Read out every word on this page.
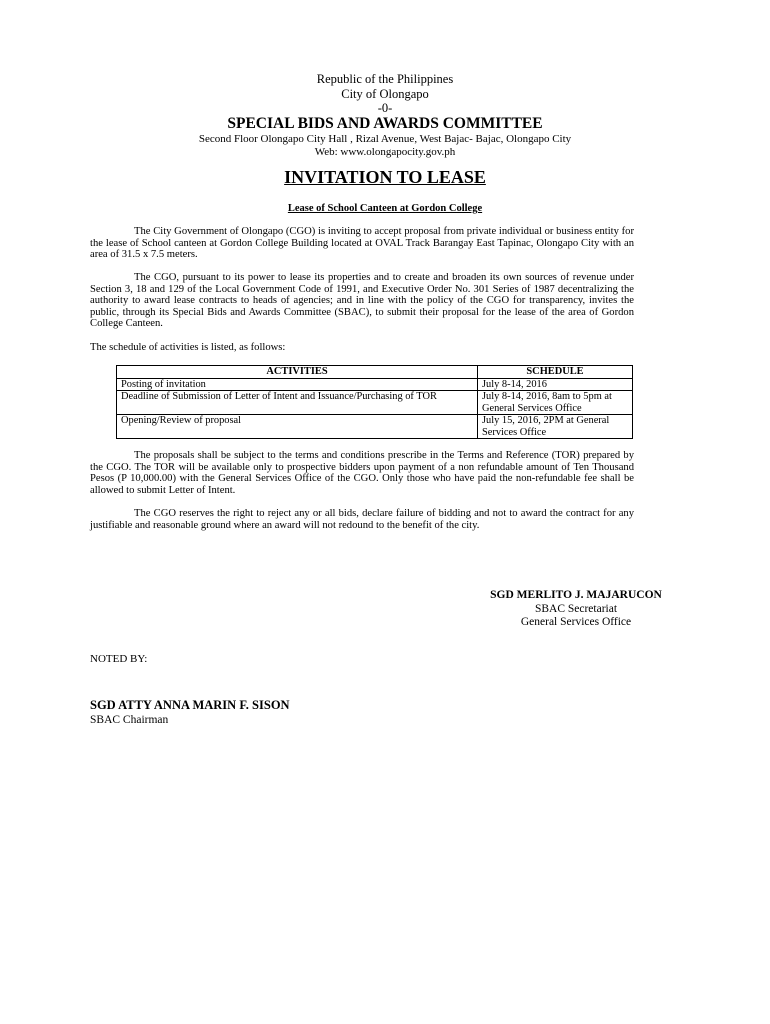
Republic of the Philippines
City of Olongapo
-0-
SPECIAL BIDS AND AWARDS COMMITTEE
Second Floor Olongapo City Hall , Rizal Avenue, West Bajac- Bajac, Olongapo City
Web: www.olongapocity.gov.ph
INVITATION TO LEASE
Lease of School Canteen at Gordon College

The City Government of Olongapo (CGO) is inviting to accept proposal from private individual or business entity for the lease of School canteen at Gordon College Building located at OVAL Track Barangay East Tapinac, Olongapo City with an area of 31.5 x 7.5 meters.

The CGO, pursuant to its power to lease its properties and to create and broaden its own sources of revenue under Section 3, 18 and 129 of the Local Government Code of 1991, and Executive Order No. 301 Series of 1987 decentralizing the authority to award lease contracts to heads of agencies; and in line with the policy of the CGO for transparency, invites the public, through its Special Bids and Awards Committee (SBAC), to submit their proposal for the lease of the area of Gordon College Canteen.

The schedule of activities is listed, as follows:

ACTIVITIES	SCHEDULE
Posting of invitation	July 8-14, 2016
Deadline of Submission of Letter of Intent and Issuance/Purchasing of TOR	July 8-14, 2016, 8am to 5pm at General Services Office
Opening/Review of proposal	July 15, 2016, 2PM at General Services Office

The proposals shall be subject to the terms and conditions prescribe in the Terms and Reference (TOR) prepared by the CGO. The TOR will be available only to prospective bidders upon payment of a non refundable amount of Ten Thousand Pesos (P 10,000.00) with the General Services Office of the CGO. Only those who have paid the non-refundable fee shall be allowed to submit Letter of Intent.

The CGO reserves the right to reject any or all bids, declare failure of bidding and not to award the contract for any justifiable and reasonable ground where an award will not redound to the benefit of the city.

SGD MERLITO J. MAJARUCON
SBAC Secretariat
General Services Office
NOTED BY:
SGD ATTY ANNA MARIN F. SISON
SBAC Chairman
